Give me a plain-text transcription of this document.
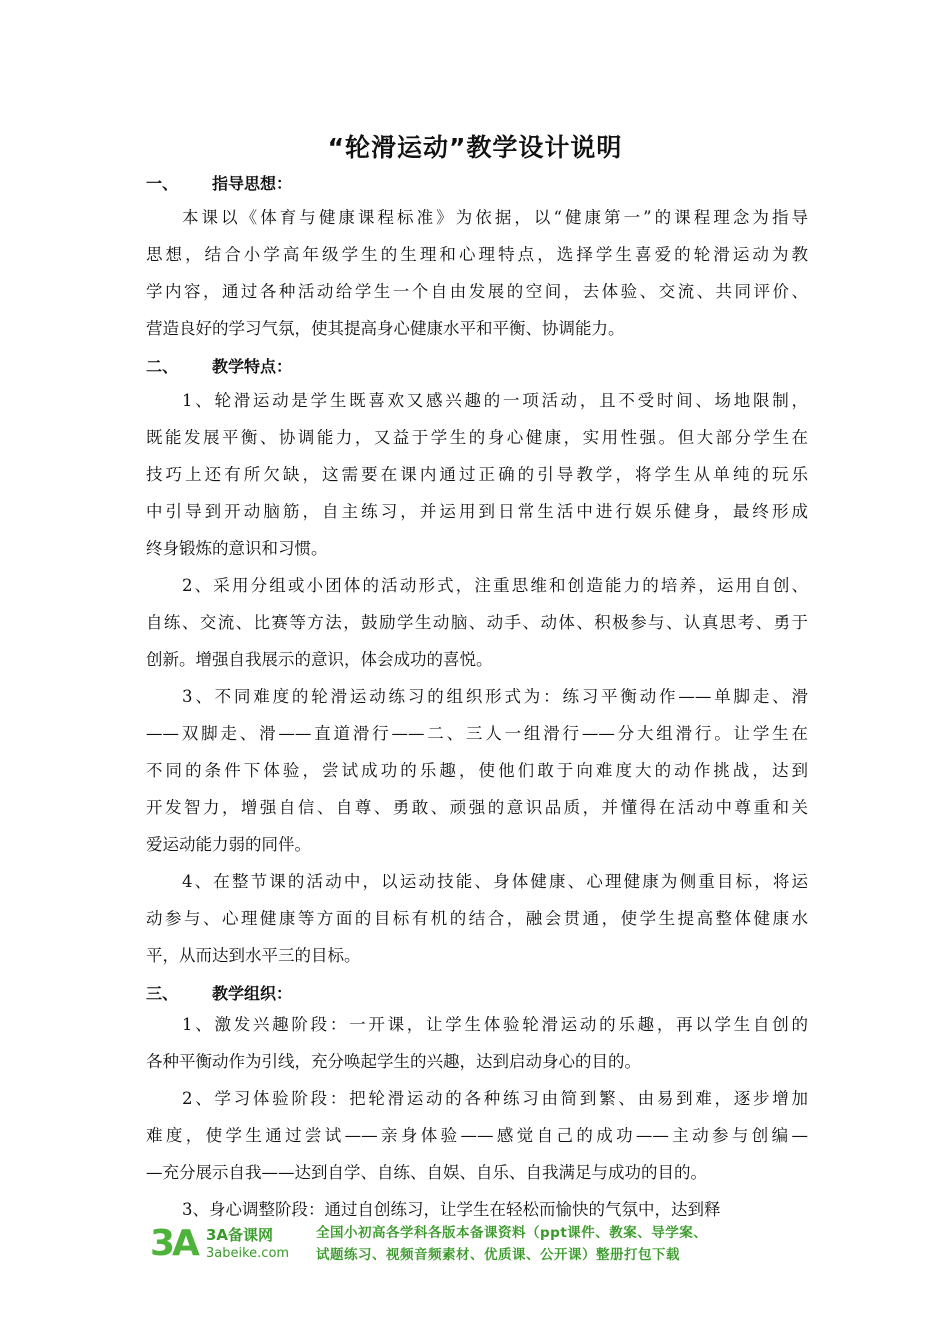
“轮滑运动”教学设计说明
一、 指导思想：
本课以《体育与健康课程标准》为依据，以“健康第一”的课程理念为指导
思想，结合小学高年级学生的生理和心理特点，选择学生喜爱的轮滑运动为教
学内容，通过各种活动给学生一个自由发展的空间，去体验、交流、共同评价、
营造良好的学习气氛，使其提高身心健康水平和平衡、协调能力。
二、 教学特点：
1、轮滑运动是学生既喜欢又感兴趣的一项活动，且不受时间、场地限制，
既能发展平衡、协调能力，又益于学生的身心健康，实用性强。但大部分学生在
技巧上还有所欠缺，这需要在课内通过正确的引导教学，将学生从单纯的玩乐
中引导到开动脑筋，自主练习，并运用到日常生活中进行娱乐健身，最终形成
终身锻炼的意识和习惯。
2、采用分组或小团体的活动形式，注重思维和创造能力的培养，运用自创、
自练、交流、比赛等方法，鼓励学生动脑、动手、动体、积极参与、认真思考、勇于
创新。增强自我展示的意识，体会成功的喜悦。
3、不同难度的轮滑运动练习的组织形式为：练习平衡动作——单脚走、滑
——双脚走、滑——直道滑行——二、三人一组滑行——分大组滑行。让学生在
不同的条件下体验，尝试成功的乐趣，使他们敢于向难度大的动作挑战，达到
开发智力，增强自信、自尊、勇敢、顽强的意识品质，并懂得在活动中尊重和关
爱运动能力弱的同伴。
4、在整节课的活动中，以运动技能、身体健康、心理健康为侧重目标，将运
动参与、心理健康等方面的目标有机的结合，融会贯通，使学生提高整体健康水
平，从而达到水平三的目标。
三、 教学组织：
1、激发兴趣阶段：一开课，让学生体验轮滑运动的乐趣，再以学生自创的
各种平衡动作为引线，充分唤起学生的兴趣，达到启动身心的目的。
2、学习体验阶段：把轮滑运动的各种练习由简到繁、由易到难，逐步增加
难度，使学生通过尝试——亲身体验——感觉自己的成功——主动参与创编—
—充分展示自我——达到自学、自练、自娱、自乐、自我满足与成功的目的。
3、身心调整阶段：通过自创练习，让学生在轻松而愉快的气氛中，达到释
3A 3A备课网
3abeike.com
全国小初高各学科各版本备课资料（ppt课件、教案、导学案、
试题练习、视频音频素材、优质课、公开课）整册打包下载
